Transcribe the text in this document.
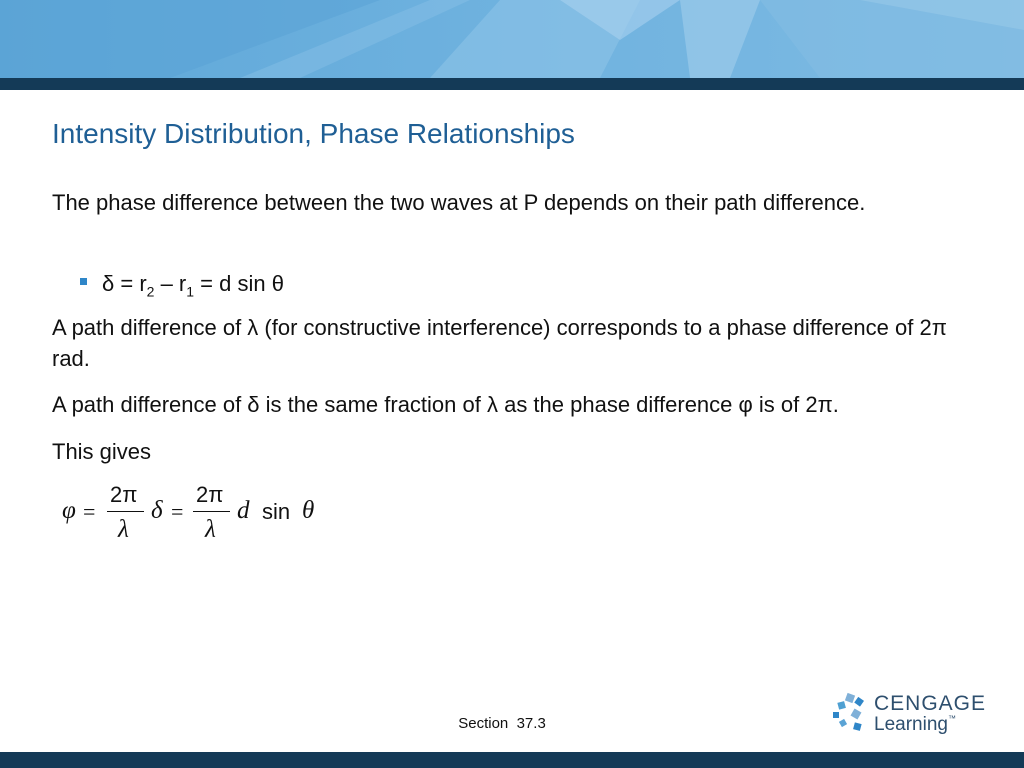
Intensity Distribution, Phase Relationships
The phase difference between the two waves at P depends on their path difference.
$\delta = r_2 - r_1 = d$ sin θ
A path difference of λ (for constructive interference) corresponds to a phase difference of 2π rad.
A path difference of δ is the same fraction of λ as the phase difference φ is of 2π.
This gives
φ =
2π
λ
δ =
2π
λ
d sin θ
Section  37.3
CENGAGE
Learning™
